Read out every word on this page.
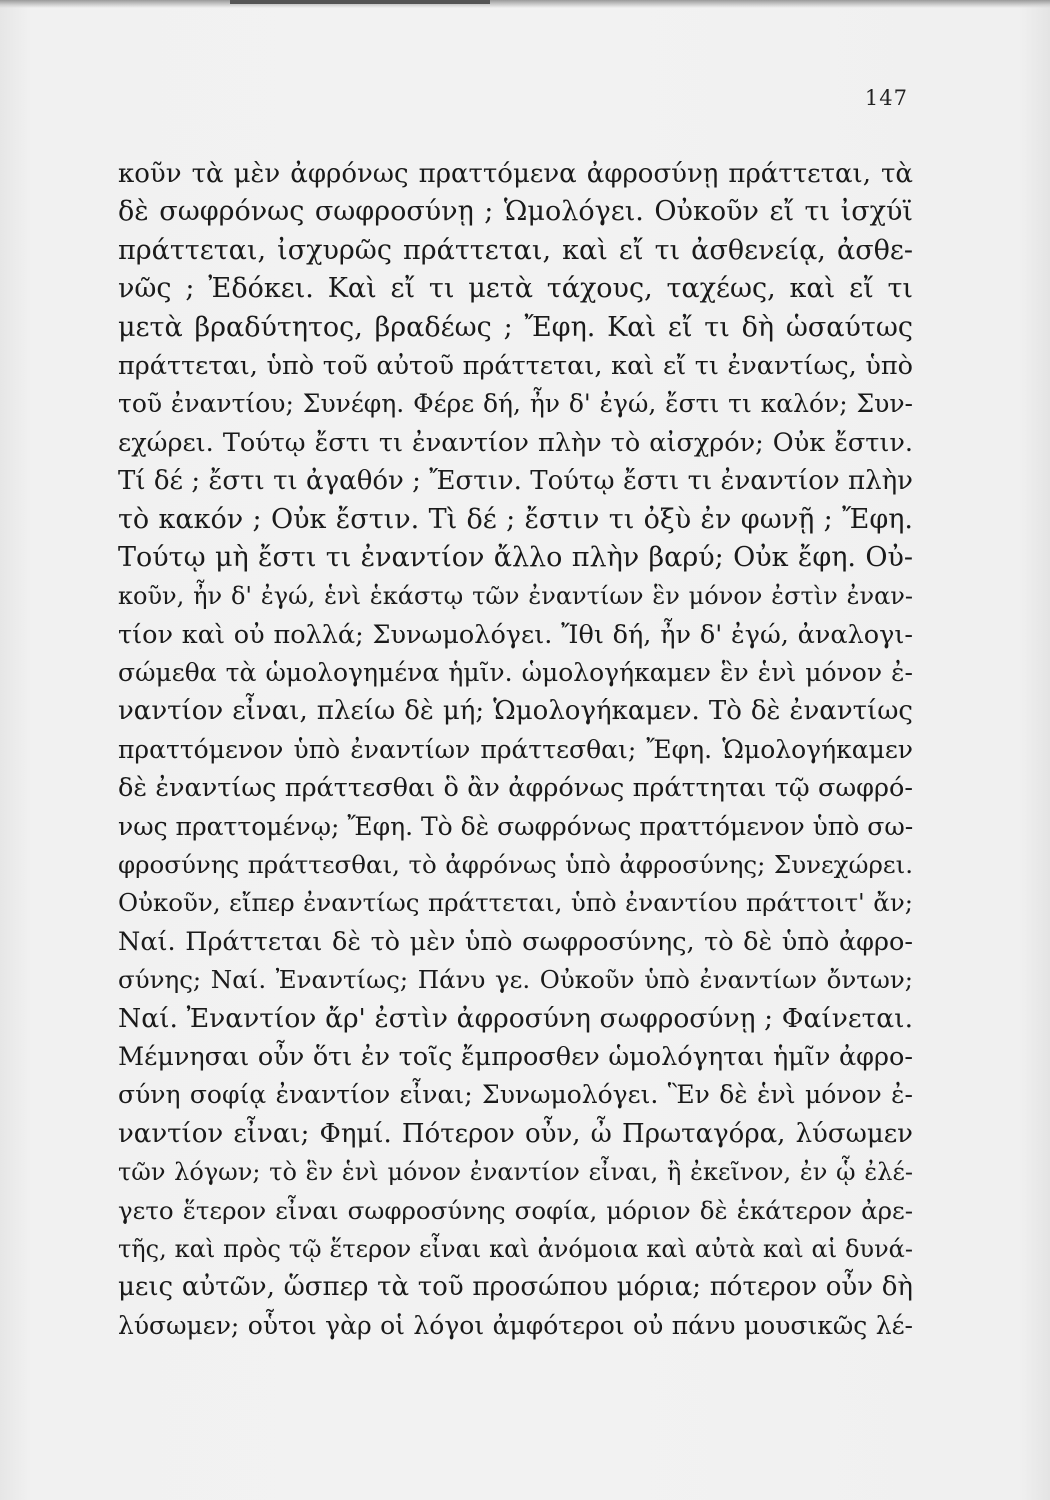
147
κοῦν τὰ μὲν ἀφρόνως πραττόμενα ἀφροσύνῃ πράττεται, τὰ
δὲ σωφρόνως σωφροσύνῃ ; Ὡμολόγει. Οὐκοῦν εἴ τι ἰσχύϊ
πράττεται, ἰσχυρῶς πράττεται, καὶ εἴ τι ἀσθενείᾳ, ἀσθε-
νῶς ; Ἐδόκει. Καὶ εἴ τι μετὰ τάχους, ταχέως, καὶ εἴ τι
μετὰ βραδύτητος, βραδέως ; Ἔφη. Καὶ εἴ τι δὴ ὡσαύτως
πράττεται, ὑπὸ τοῦ αὐτοῦ πράττεται, καὶ εἴ τι ἐναντίως, ὑπὸ
τοῦ ἐναντίου; Συνέφη. Φέρε δή, ἦν δ' ἐγώ, ἔστι τι καλόν; Συν-
εχώρει. Τούτῳ ἔστι τι ἐναντίον πλὴν τὸ αἰσχρόν; Οὐκ ἔστιν.
Τί δέ ; ἔστι τι ἀγαθόν ; Ἔστιν. Τούτῳ ἔστι τι ἐναντίον πλὴν
τὸ κακόν ; Οὐκ ἔστιν. Τὶ δέ ; ἔστιν τι ὀξὺ ἐν φωνῇ ; Ἔφη.
Τούτῳ μὴ ἔστι τι ἐναντίον ἄλλο πλὴν βαρύ; Οὐκ ἔφη. Οὐ-
κοῦν, ἦν δ' ἐγώ, ἑνὶ ἑκάστῳ τῶν ἐναντίων ἓν μόνον ἐστὶν ἐναν-
τίον καὶ οὐ πολλά; Συνωμολόγει. Ἴθι δή, ἦν δ' ἐγώ, ἀναλογι-
σώμεθα τὰ ὡμολογημένα ἡμῖν. ὡμολογήκαμεν ἓν ἑνὶ μόνον ἐ-
ναντίον εἶναι, πλείω δὲ μή; Ὡμολογήκαμεν. Τὸ δὲ ἐναντίως
πραττόμενον ὑπὸ ἐναντίων πράττεσθαι; Ἔφη. Ὡμολογήκαμεν
δὲ ἐναντίως πράττεσθαι ὃ ἂν ἀφρόνως πράττηται τῷ σωφρό-
νως πραττομένῳ; Ἔφη. Τὸ δὲ σωφρόνως πραττόμενον ὑπὸ σω-
φροσύνης πράττεσθαι, τὸ ἀφρόνως ὑπὸ ἀφροσύνης; Συνεχώρει.
Οὐκοῦν, εἴπερ ἐναντίως πράττεται, ὑπὸ ἐναντίου πράττοιτ' ἄν;
Ναί. Πράττεται δὲ τὸ μὲν ὑπὸ σωφροσύνης, τὸ δὲ ὑπὸ ἀφρο-
σύνης; Ναί. Ἐναντίως; Πάνυ γε. Οὐκοῦν ὑπὸ ἐναντίων ὄντων;
Ναί. Ἐναντίον ἄρ' ἐστὶν ἀφροσύνη σωφροσύνῃ ; Φαίνεται.
Μέμνησαι οὖν ὅτι ἐν τοῖς ἔμπροσθεν ὡμολόγηται ἡμῖν ἀφρο-
σύνη σοφίᾳ ἐναντίον εἶναι; Συνωμολόγει. Ἓν δὲ ἑνὶ μόνον ἐ-
ναντίον εἶναι; Φημί. Πότερον οὖν, ὦ Πρωταγόρα, λύσωμεν
τῶν λόγων; τὸ ἓν ἑνὶ μόνον ἐναντίον εἶναι, ἢ ἐκεῖνον, ἐν ᾧ ἐλέ-
γετο ἕτερον εἶναι σωφροσύνης σοφία, μόριον δὲ ἑκάτερον ἀρε-
τῆς, καὶ πρὸς τῷ ἕτερον εἶναι καὶ ἀνόμοια καὶ αὐτὰ καὶ αἱ δυνά-
μεις αὐτῶν, ὥσπερ τὰ τοῦ προσώπου μόρια; πότερον οὖν δὴ
λύσωμεν; οὗτοι γὰρ οἱ λόγοι ἀμφότεροι οὐ πάνυ μουσικῶς λέ-
